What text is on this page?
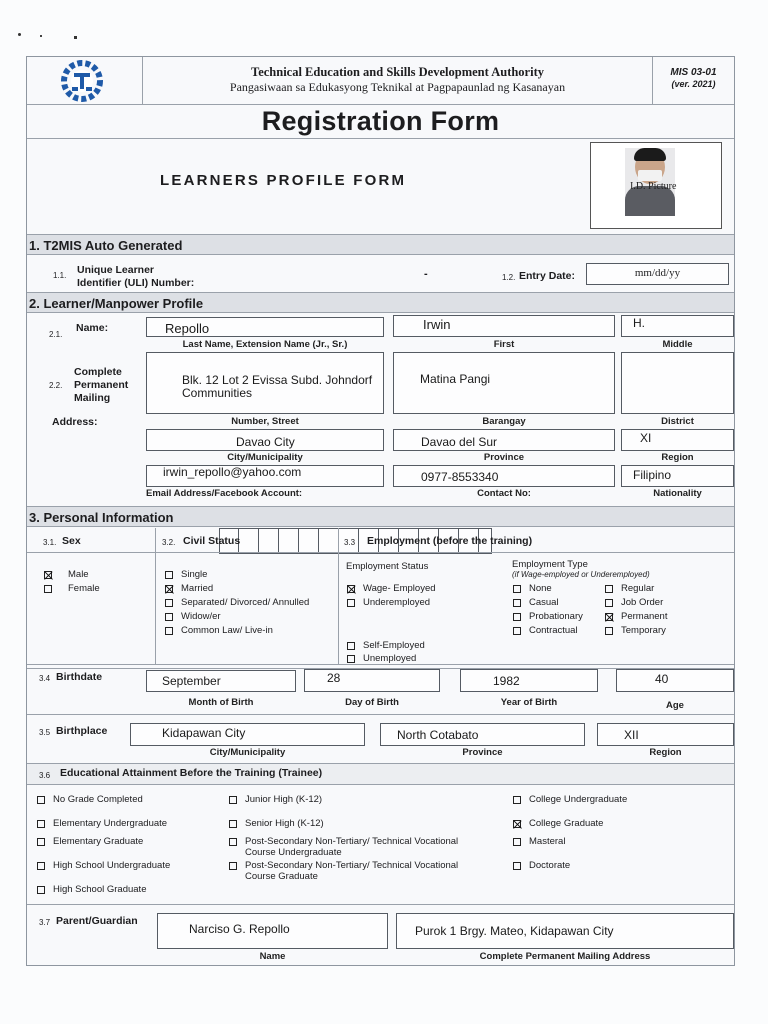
Technical Education and Skills Development Authority
Pangasiwaan sa Edukasyong Teknikal at Pagpapaunlad ng Kasanayan
MIS 03-01
(ver. 2021)
Registration Form
LEARNERS PROFILE FORM	I.D. Picture
1. T2MIS Auto Generated
1.1. Unique Learner
Identifier (ULI) Number:
-	1.2. Entry Date:	mm/dd/yy
2. Learner/Manpower Profile
2.1.
Name:	Repollo	Irwin	H.
Last Name, Extension Name (Jr., Sr.)	First	Middle
2.2.
Complete
Permanent
Mailing
Address:
Blk. 12 Lot 2 Evissa Subd. Johndorf
Communities
Matina Pangi
Number, Street	Barangay	District
Davao City	Davao del Sur	XI
City/Municipality	Province	Region
irwin_repollo@yahoo.com	0977-8553340	Filipino
Email Address/Facebook Account:	Contact No:	Nationality
3. Personal Information
3.1. Sex	3.2. Civil Status	3.3 Employment (before the training)
Male
Female
Single
Married
Separated/ Divorced/ Annulled
Widow/er
Common Law/ Live-in
Employment Status
Wage- Employed
Underemployed
Self-Employed
Unemployed
Employment Type
(if Wage-employed or Underemployed)
None
Casual
Probationary
Contractual
Regular
Job Order
Permanent
Temporary
3.4 Birthdate	September	28	1982	40
Month of Birth	Day of Birth	Year of Birth	Age
3.5 Birthplace	Kidapawan City	North Cotabato	XII
City/Municipality	Province	Region
3.6 Educational Attainment Before the Training (Trainee)
No Grade Completed
Elementary Undergraduate
Elementary Graduate
High School Undergraduate
High School Graduate
Junior High (K-12)
Senior High (K-12)
Post-Secondary Non-Tertiary/ Technical Vocational
Course Undergraduate
Post-Secondary Non-Tertiary/ Technical Vocational
Course Graduate
College Undergraduate
College Graduate
Masteral
Doctorate
3.7 Parent/Guardian
Narciso G. Repollo	Purok 1 Brgy. Mateo, Kidapawan City
Name	Complete Permanent Mailing Address
